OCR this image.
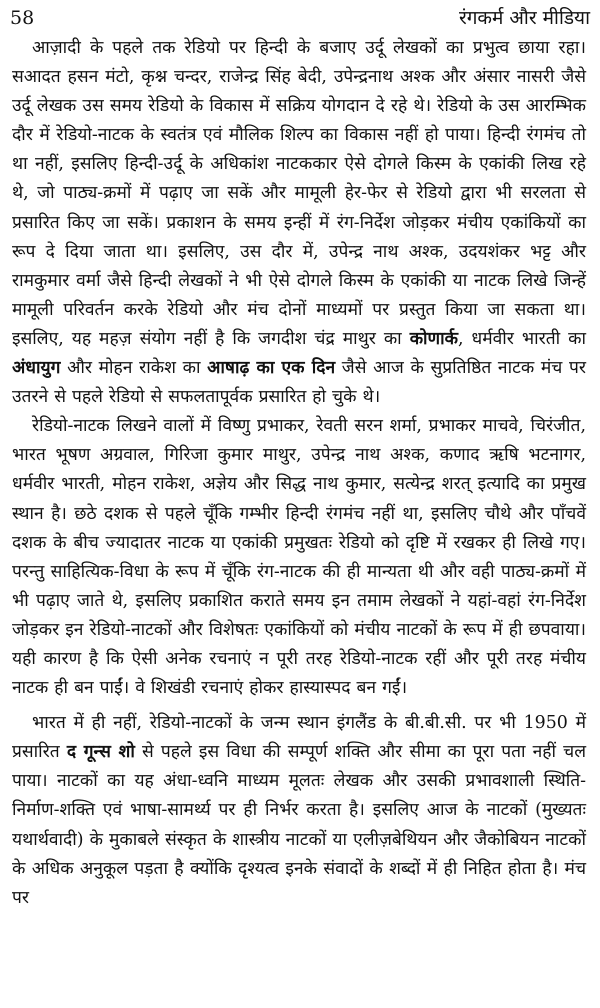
58	रंगकर्म और मीडिया

आज़ादी के पहले तक रेडियो पर हिन्दी के बजाए उर्दू लेखकों का प्रभुत्व छाया रहा। सआदत हसन मंटो, कृश्न चन्दर, राजेन्द्र सिंह बेदी, उपेन्द्रनाथ अश्क और अंसार नासरी जैसे उर्दू लेखक उस समय रेडियो के विकास में सक्रिय योगदान दे रहे थे। रेडियो के उस आरम्भिक दौर में रेडियो-नाटक के स्वतंत्र एवं मौलिक शिल्प का विकास नहीं हो पाया। हिन्दी रंगमंच तो था नहीं, इसलिए हिन्दी-उर्दू के अधिकांश नाटककार ऐसे दोगले किस्म के एकांकी लिख रहे थे, जो पाठ्य-क्रमों में पढ़ाए जा सकें और मामूली हेर-फेर से रेडियो द्वारा भी सरलता से प्रसारित किए जा सकें। प्रकाशन के समय इन्हीं में रंग-निर्देश जोड़कर मंचीय एकांकियों का रूप दे दिया जाता था। इसलिए, उस दौर में, उपेन्द्र नाथ अश्क, उदयशंकर भट्ट और रामकुमार वर्मा जैसे हिन्दी लेखकों ने भी ऐसे दोगले किस्म के एकांकी या नाटक लिखे जिन्हें मामूली परिवर्तन करके रेडियो और मंच दोनों माध्यमों पर प्रस्तुत किया जा सकता था। इसलिए, यह महज़ संयोग नहीं है कि जगदीश चंद्र माथुर का कोणार्क, धर्मवीर भारती का अंधायुग और मोहन राकेश का आषाढ़ का एक दिन जैसे आज के सुप्रतिष्ठित नाटक मंच पर उतरने से पहले रेडियो से सफलतापूर्वक प्रसारित हो चुके थे।

रेडियो-नाटक लिखने वालों में विष्णु प्रभाकर, रेवती सरन शर्मा, प्रभाकर माचवे, चिरंजीत, भारत भूषण अग्रवाल, गिरिजा कुमार माथुर, उपेन्द्र नाथ अश्क, कणाद ऋषि भटनागर, धर्मवीर भारती, मोहन राकेश, अज्ञेय और सिद्ध नाथ कुमार, सत्येन्द्र शरत् इत्यादि का प्रमुख स्थान है। छठे दशक से पहले चूँकि गम्भीर हिन्दी रंगमंच नहीं था, इसलिए चौथे और पाँचवें दशक के बीच ज्यादातर नाटक या एकांकी प्रमुखतः रेडियो को दृष्टि में रखकर ही लिखे गए। परन्तु साहित्यिक-विधा के रूप में चूँकि रंग-नाटक की ही मान्यता थी और वही पाठ्य-क्रमों में भी पढ़ाए जाते थे, इसलिए प्रकाशित कराते समय इन तमाम लेखकों ने यहां-वहां रंग-निर्देश जोड़कर इन रेडियो-नाटकों और विशेषतः एकांकियों को मंचीय नाटकों के रूप में ही छपवाया। यही कारण है कि ऐसी अनेक रचनाएं न पूरी तरह रेडियो-नाटक रहीं और पूरी तरह मंचीय नाटक ही बन पाईं। वे शिखंडी रचनाएं होकर हास्यास्पद बन गईं।

भारत में ही नहीं, रेडियो-नाटकों के जन्म स्थान इंगलैंड के बी.बी.सी. पर भी 1950 में प्रसारित द गून्स शो से पहले इस विधा की सम्पूर्ण शक्ति और सीमा का पूरा पता नहीं चल पाया। नाटकों का यह अंधा-ध्वनि माध्यम मूलतः लेखक और उसकी प्रभावशाली स्थिति-निर्माण-शक्ति एवं भाषा-सामर्थ्य पर ही निर्भर करता है। इसलिए आज के नाटकों (मुख्यतः यथार्थवादी) के मुकाबले संस्कृत के शास्त्रीय नाटकों या एलीज़बेथियन और जैकोबियन नाटकों के अधिक अनुकूल पड़ता है क्योंकि दृश्यत्व इनके संवादों के शब्दों में ही निहित होता है। मंच पर
